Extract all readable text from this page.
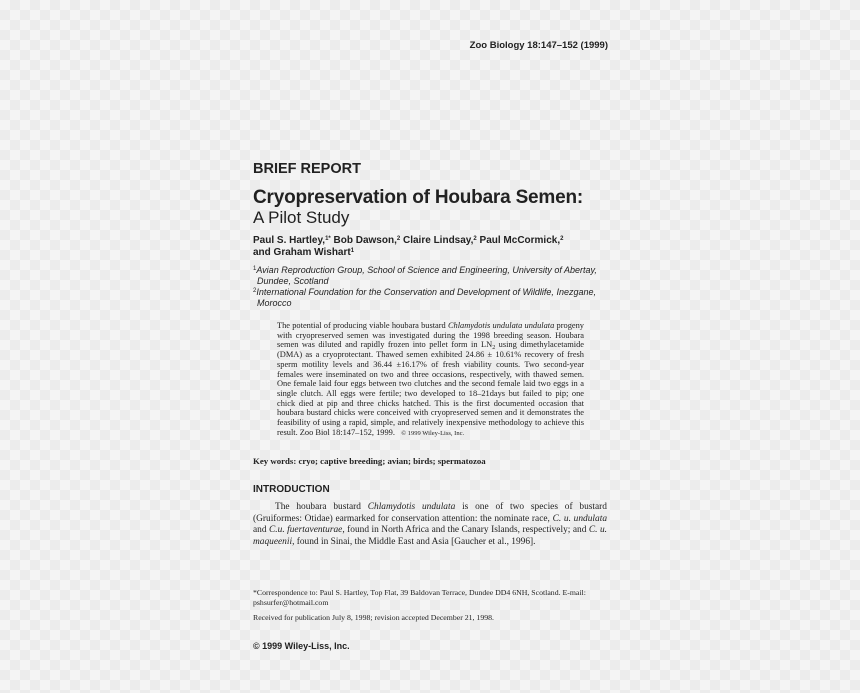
Zoo Biology 18:147–152 (1999)
BRIEF REPORT
Cryopreservation of Houbara Semen:
A Pilot Study
Paul S. Hartley,$^{1*}$ Bob Dawson,$^2$ Claire Lindsay,$^2$ Paul McCormick,$^2$
and Graham Wishart$^1$
$^1$Avian Reproduction Group, School of Science and Engineering, University of Abertay,
Dundee, Scotland
$^2$International Foundation for the Conservation and Development of Wildlife, Inezgane,
Morocco
The potential of producing viable houbara bustard Chlamydotis undulata undulata progeny with cryopreserved semen was investigated during the 1998 breeding season. Houbara semen was diluted and rapidly frozen into pellet form in $LN_2$ using dimethylacetamide (DMA) as a cryoprotectant. Thawed semen exhibited 24.86 ± 10.61% recovery of fresh sperm motility levels and 36.44 ±16.17% of fresh viability counts. Two second-year females were inseminated on two and three occasions, respectively, with thawed semen. One female laid four eggs between two clutches and the second female laid two eggs in a single clutch. All eggs were fertile; two developed to 18–21days but failed to pip; one chick died at pip and three chicks hatched. This is the first documented occasion that houbara bustard chicks were conceived with cryopreserved semen and it demonstrates the feasibility of using a rapid, simple, and relatively inexpensive methodology to achieve this result. Zoo Biol 18:147–152, 1999. © 1999 Wiley-Liss, Inc.
Key words: cryo; captive breeding; avian; birds; spermatozoa
INTRODUCTION
The houbara bustard Chlamydotis undulata is one of two species of bustard (Gruiformes: Otidae) earmarked for conservation attention: the nominate race, C. u. undulata and C.u. fuertaventurae, found in North Africa and the Canary Islands, respectively; and C. u. maqueenii, found in Sinai, the Middle East and Asia [Gaucher et al., 1996].
*Correspondence to: Paul S. Hartley, Top Flat, 39 Baldovan Terrace, Dundee DD4 6NH, Scotland. E-mail: pshsurfer@hotmail.com
Received for publication July 8, 1998; revision accepted December 21, 1998.
© 1999 Wiley-Liss, Inc.
